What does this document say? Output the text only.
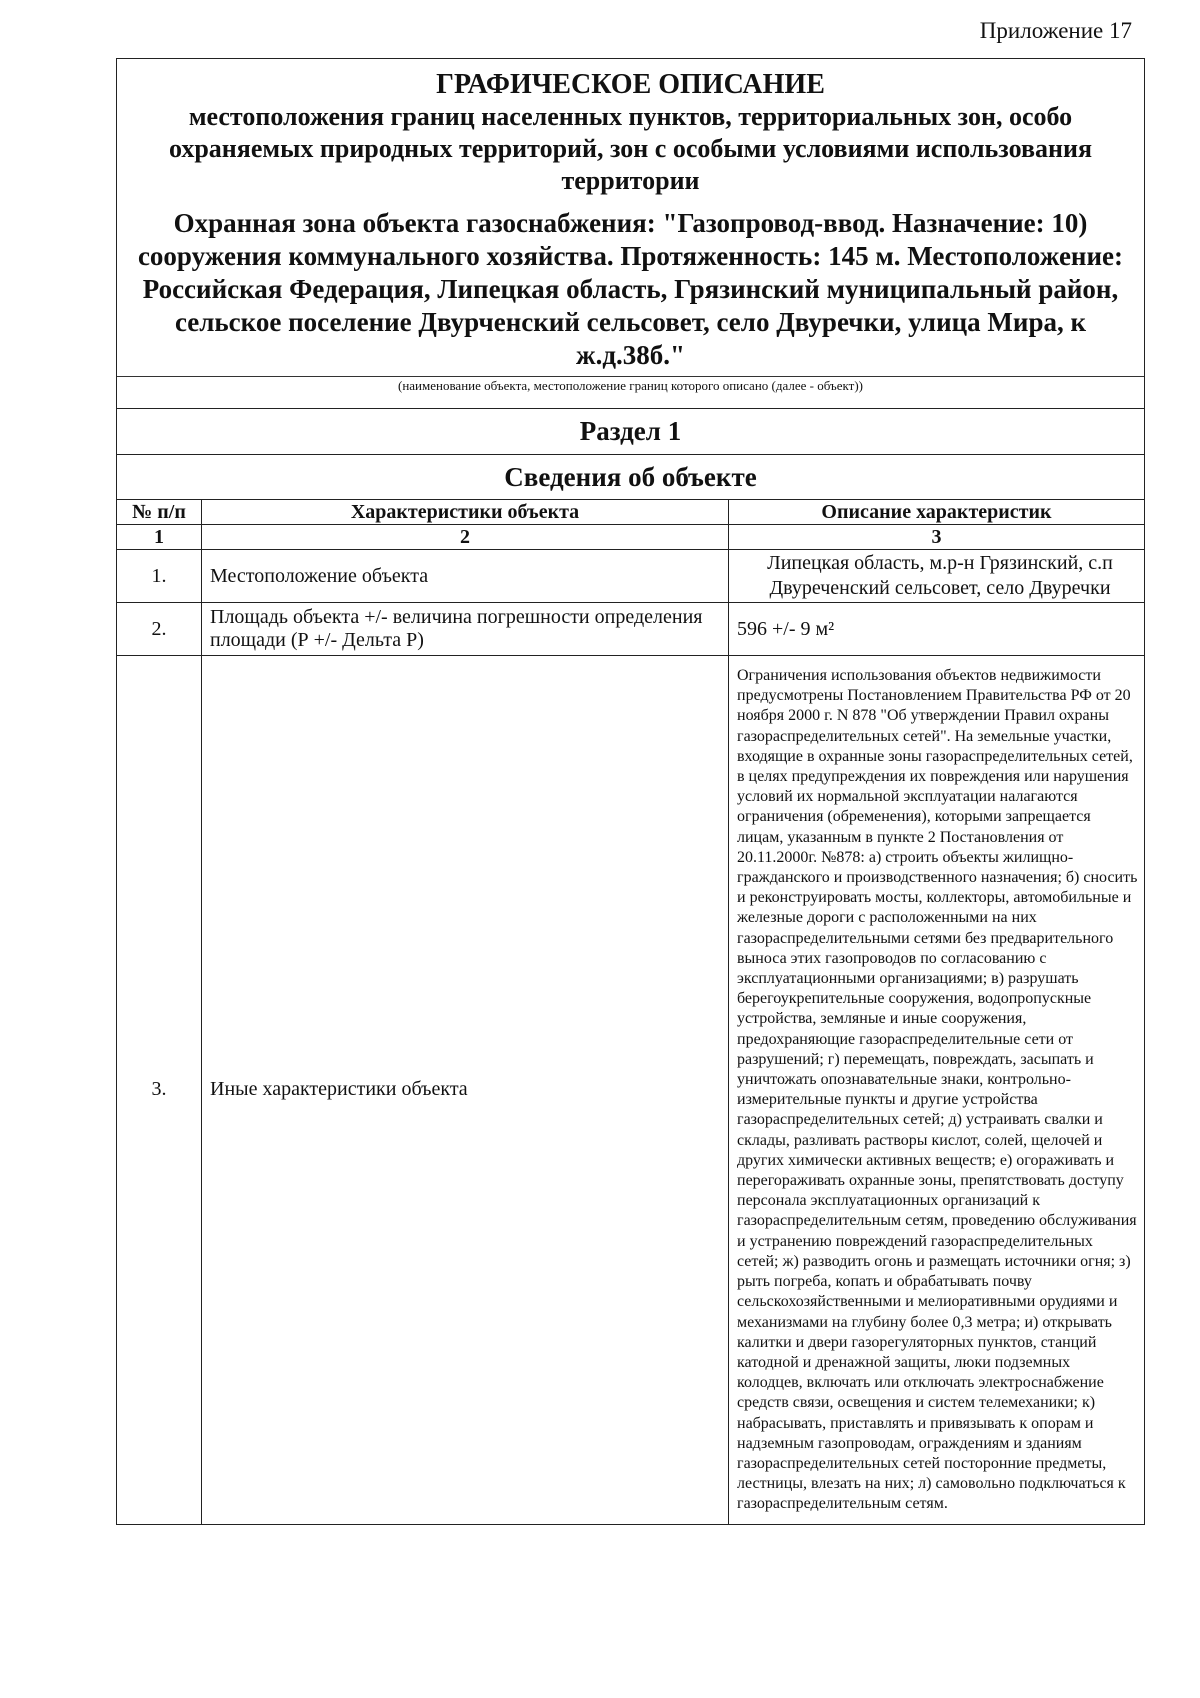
Приложение 17
ГРАФИЧЕСКОЕ ОПИСАНИЕ
местоположения границ населенных пунктов, территориальных зон, особо охраняемых природных территорий, зон с особыми условиями использования территории
Охранная зона объекта газоснабжения: "Газопровод-ввод. Назначение: 10) сооружения коммунального хозяйства. Протяженность: 145 м. Местоположение: Российская Федерация, Липецкая область, Грязинский муниципальный район, сельское поселение Двурченский сельсовет, село Двуречки, улица Мира, к ж.д.38б."
(наименование объекта, местоположение границ которого описано (далее - объект))
Раздел 1
Сведения об объекте
№ п/п	Характеристики объекта	Описание характеристик
1	2	3
1.	Местоположение объекта	Липецкая область, м.р-н Грязинский, с.п Двуреченский сельсовет, село Двуречки
2.	Площадь объекта +/- величина погрешности определения площади (Р +/- Дельта Р)	596 +/- 9 м²
3.	Иные характеристики объекта	Ограничения использования объектов недвижимости предусмотрены Постановлением Правительства РФ от 20 ноября 2000 г. N 878 "Об утверждении Правил охраны газораспределительных сетей". На земельные участки, входящие в охранные зоны газораспределительных сетей, в целях предупреждения их повреждения или нарушения условий их нормальной эксплуатации налагаются ограничения (обременения), которыми запрещается лицам, указанным в пункте 2 Постановления от 20.11.2000г. №878: а) строить объекты жилищно-гражданского и производственного назначения; б) сносить и реконструировать мосты, коллекторы, автомобильные и железные дороги с расположенными на них газораспределительными сетями без предварительного выноса этих газопроводов по согласованию с эксплуатационными организациями; в) разрушать берегоукрепительные сооружения, водопропускные устройства, земляные и иные сооружения, предохраняющие газораспределительные сети от разрушений; г) перемещать, повреждать, засыпать и уничтожать опознавательные знаки, контрольно-измерительные пункты и другие устройства газораспределительных сетей; д) устраивать свалки и склады, разливать растворы кислот, солей, щелочей и других химически активных веществ; е) огораживать и перегораживать охранные зоны, препятствовать доступу персонала эксплуатационных организаций к газораспределительным сетям, проведению обслуживания и устранению повреждений газораспределительных сетей; ж) разводить огонь и размещать источники огня; з) рыть погреба, копать и обрабатывать почву сельскохозяйственными и мелиоративными орудиями и механизмами на глубину более 0,3 метра; и) открывать калитки и двери газорегуляторных пунктов, станций катодной и дренажной защиты, люки подземных колодцев, включать или отключать электроснабжение средств связи, освещения и систем телемеханики; к) набрасывать, приставлять и привязывать к опорам и надземным газопроводам, ограждениям и зданиям газораспределительных сетей посторонние предметы, лестницы, влезать на них; л) самовольно подключаться к газораспределительным сетям.
